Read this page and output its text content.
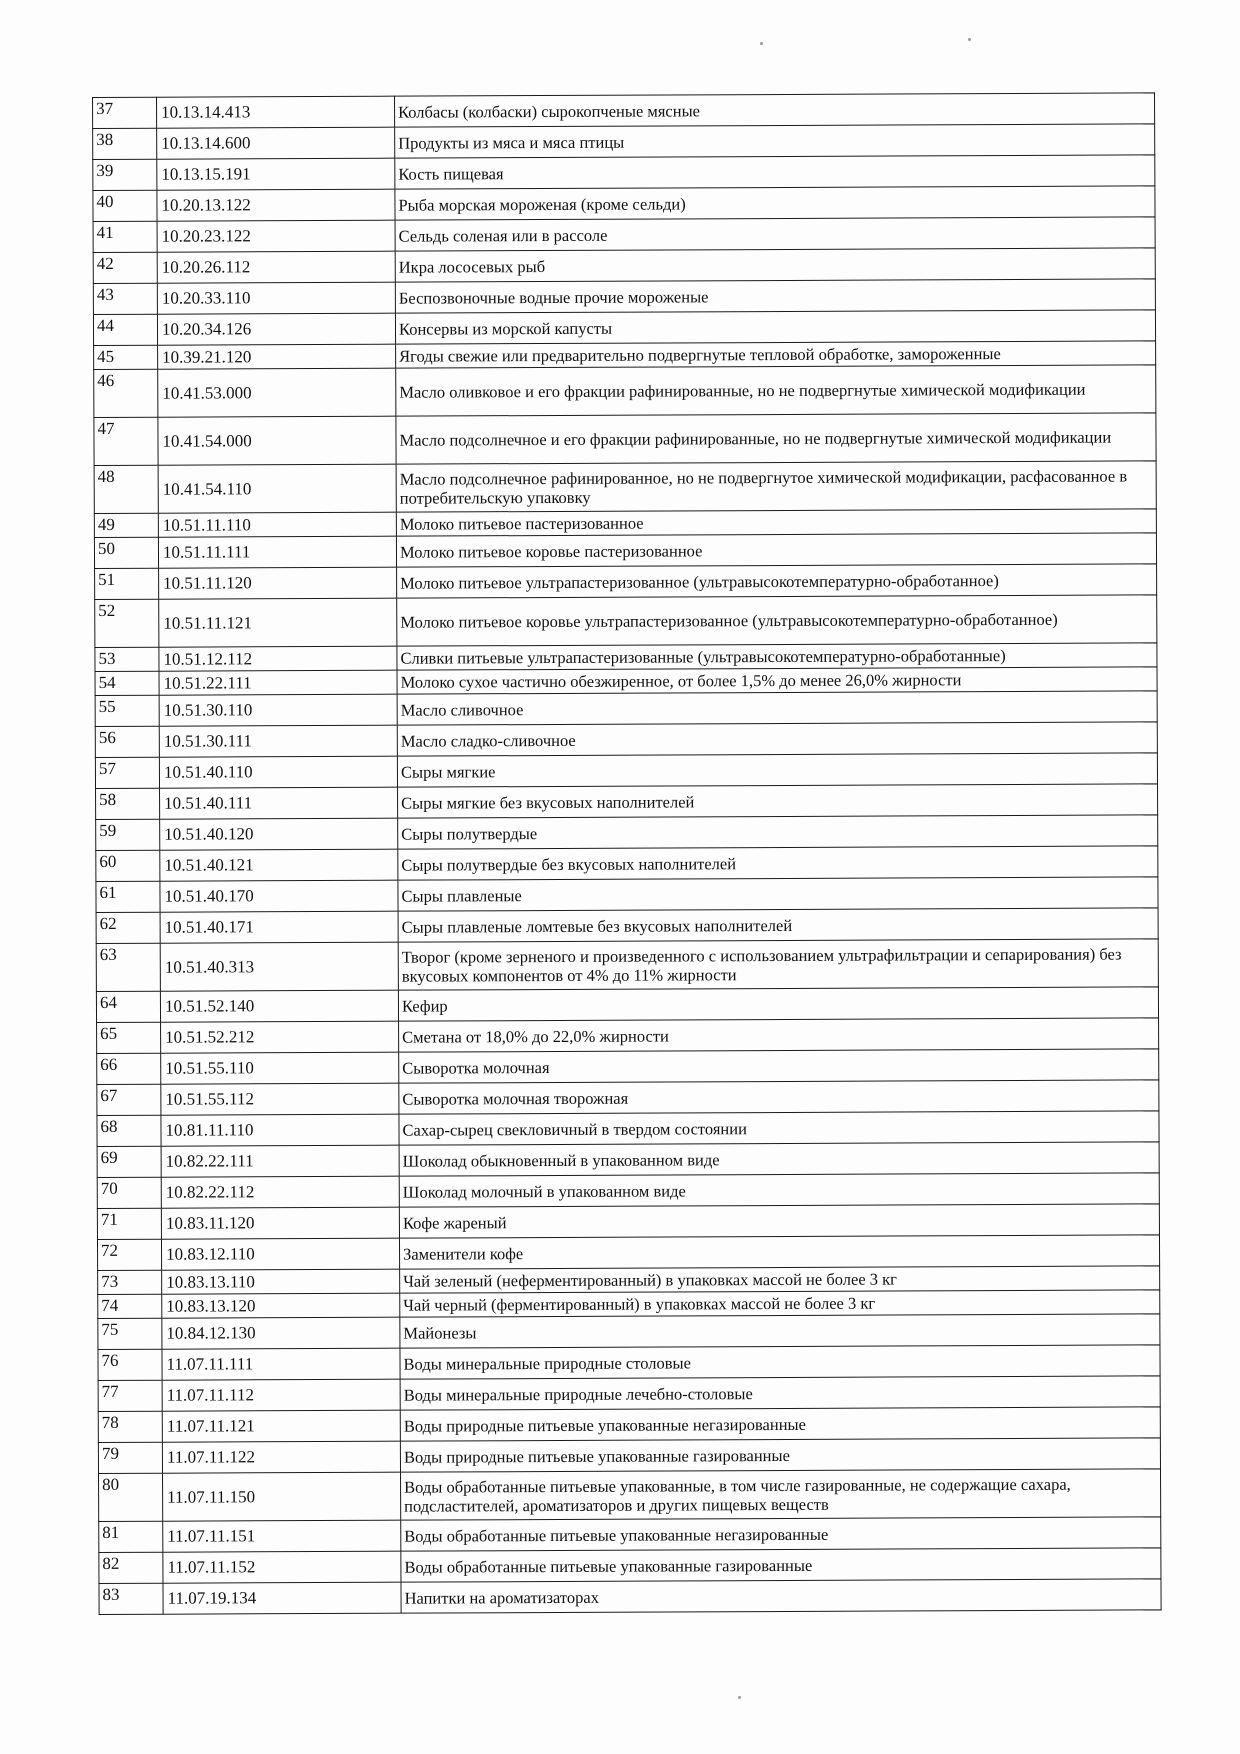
37	10.13.14.413	Колбасы (колбаски) сырокопченые мясные
38	10.13.14.600	Продукты из мяса и мяса птицы
39	10.13.15.191	Кость пищевая
40	10.20.13.122	Рыба морская мороженая (кроме сельди)
41	10.20.23.122	Сельдь соленая или в рассоле
42	10.20.26.112	Икра лососевых рыб
43	10.20.33.110	Беспозвоночные водные прочие мороженые
44	10.20.34.126	Консервы из морской капусты
45	10.39.21.120	Ягоды свежие или предварительно подвергнутые тепловой обработке, замороженные
46	10.41.53.000	Масло оливковое и его фракции рафинированные, но не подвергнутые химической модификации
47	10.41.54.000	Масло подсолнечное и его фракции рафинированные, но не подвергнутые химической модификации
48	10.41.54.110	Масло подсолнечное рафинированное, но не подвергнутое химической модификации, расфасованное в потребительскую упаковку
49	10.51.11.110	Молоко питьевое пастеризованное
50	10.51.11.111	Молоко питьевое коровье пастеризованное
51	10.51.11.120	Молоко питьевое ультрапастеризованное (ультравысокотемпературно-обработанное)
52	10.51.11.121	Молоко питьевое коровье ультрапастеризованное (ультравысокотемпературно-обработанное)
53	10.51.12.112	Сливки питьевые ультрапастеризованные (ультравысокотемпературно-обработанные)
54	10.51.22.111	Молоко сухое частично обезжиренное, от более 1,5% до менее 26,0% жирности
55	10.51.30.110	Масло сливочное
56	10.51.30.111	Масло сладко-сливочное
57	10.51.40.110	Сыры мягкие
58	10.51.40.111	Сыры мягкие без вкусовых наполнителей
59	10.51.40.120	Сыры полутвердые
60	10.51.40.121	Сыры полутвердые без вкусовых наполнителей
61	10.51.40.170	Сыры плавленые
62	10.51.40.171	Сыры плавленые ломтевые без вкусовых наполнителей
63	10.51.40.313	Творог (кроме зерненого и произведенного с использованием ультрафильтрации и сепарирования) без вкусовых компонентов от 4% до 11% жирности
64	10.51.52.140	Кефир
65	10.51.52.212	Сметана от 18,0% до 22,0% жирности
66	10.51.55.110	Сыворотка молочная
67	10.51.55.112	Сыворотка молочная творожная
68	10.81.11.110	Сахар-сырец свекловичный в твердом состоянии
69	10.82.22.111	Шоколад обыкновенный в упакованном виде
70	10.82.22.112	Шоколад молочный в упакованном виде
71	10.83.11.120	Кофе жареный
72	10.83.12.110	Заменители кофе
73	10.83.13.110	Чай зеленый (неферментированный) в упаковках массой не более 3 кг
74	10.83.13.120	Чай черный (ферментированный) в упаковках массой не более 3 кг
75	10.84.12.130	Майонезы
76	11.07.11.111	Воды минеральные природные столовые
77	11.07.11.112	Воды минеральные природные лечебно-столовые
78	11.07.11.121	Воды природные питьевые упакованные негазированные
79	11.07.11.122	Воды природные питьевые упакованные газированные
80	11.07.11.150	Воды обработанные питьевые упакованные, в том числе газированные, не содержащие сахара, подсластителей, ароматизаторов и других пищевых веществ
81	11.07.11.151	Воды обработанные питьевые упакованные негазированные
82	11.07.11.152	Воды обработанные питьевые упакованные газированные
83	11.07.19.134	Напитки на ароматизаторах
